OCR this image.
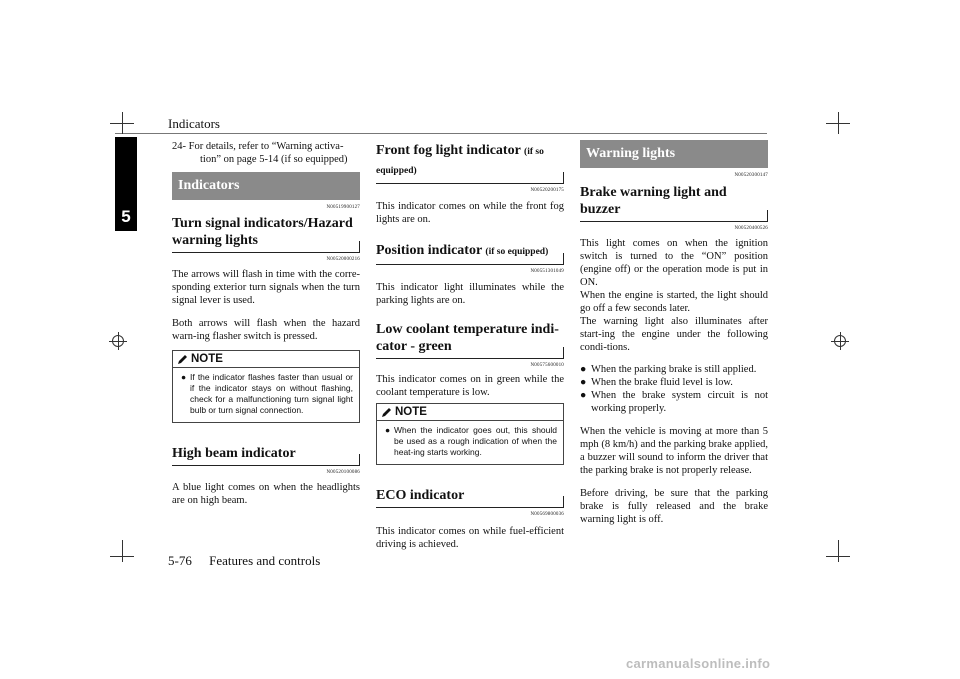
Indicators
5

24- For details, refer to “Warning activa-tion” on page 5-14 (if so equipped)

Indicators
N00519900127
Turn signal indicators/Hazard warning lights
N00520000216

The arrows will flash in time with the corre-sponding exterior turn signals when the turn signal lever is used.

Both arrows will flash when the hazard warn-ing flasher switch is pressed.

NOTE
● If the indicator flashes faster than usual or if the indicator stays on without flashing, check for a malfunctioning turn signal light bulb or turn signal connection.

High beam indicator
N00520100086

A blue light comes on when the headlights are on high beam.

Front fog light indicator (if so equipped)
N00520200175

This indicator comes on while the front fog lights are on.

Position indicator (if so equipped)
N00551301049

This indicator light illuminates while the parking lights are on.

Low coolant temperature indi-cator - green
N00575600010

This indicator comes on in green while the coolant temperature is low.

NOTE
● When the indicator goes out, this should be used as a rough indication of when the heat-ing starts working.

ECO indicator
N00569800036

This indicator comes on while fuel-efficient driving is achieved.

Warning lights
N00520300147
Brake warning light and buzzer
N00520400526

This light comes on when the ignition switch is turned to the “ON” position (engine off) or the operation mode is put in ON.

When the engine is started, the light should go off a few seconds later.

The warning light also illuminates after start-ing the engine under the following condi-tions.

● When the parking brake is still applied.
● When the brake fluid level is low.
● When the brake system circuit is not working properly.

When the vehicle is moving at more than 5 mph (8 km/h) and the parking brake applied, a buzzer will sound to inform the driver that the parking brake is not properly release.

Before driving, be sure that the parking brake is fully released and the brake warning light is off.

5-76 Features and controls
carmanualsonline.info
